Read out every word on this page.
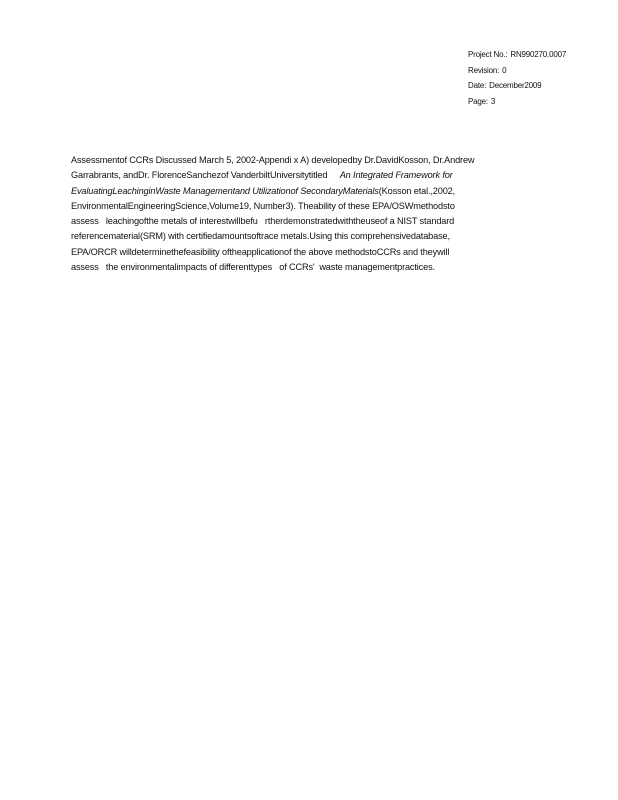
Project No.: RN990270.0007
Revision: 0
Date: December2009
Page: 3
Assessmentof CCRs Discussed March 5, 2002-Appendi x A) developedby Dr.DavidKosson, Dr.Andrew
Garrabrants, andDr. FlorenceSanchezof VanderbiltUniversitytitled An Integrated Framework for
EvaluatingLeachinginWaste Managementand Utilizationof SecondaryMaterials(Kosson etal.,2002,
EnvironmentalEngineeringScience,Volume19, Number3). Theability of these EPA/OSWmethodsto
assess   leachingofthe metals of interestwillbefu   rtherdemonstratedwiththeuseof a NIST standard
referencematerial(SRM) with certifiedamountsoftrace metals.Using this comprehensivedatabase,
EPA/ORCR willdeterminethefeasibility oftheapplicationof the above methodstoCCRs and theywill
assess   the environmentalimpacts of differenttypes   of CCRs'  waste managementpractices.
